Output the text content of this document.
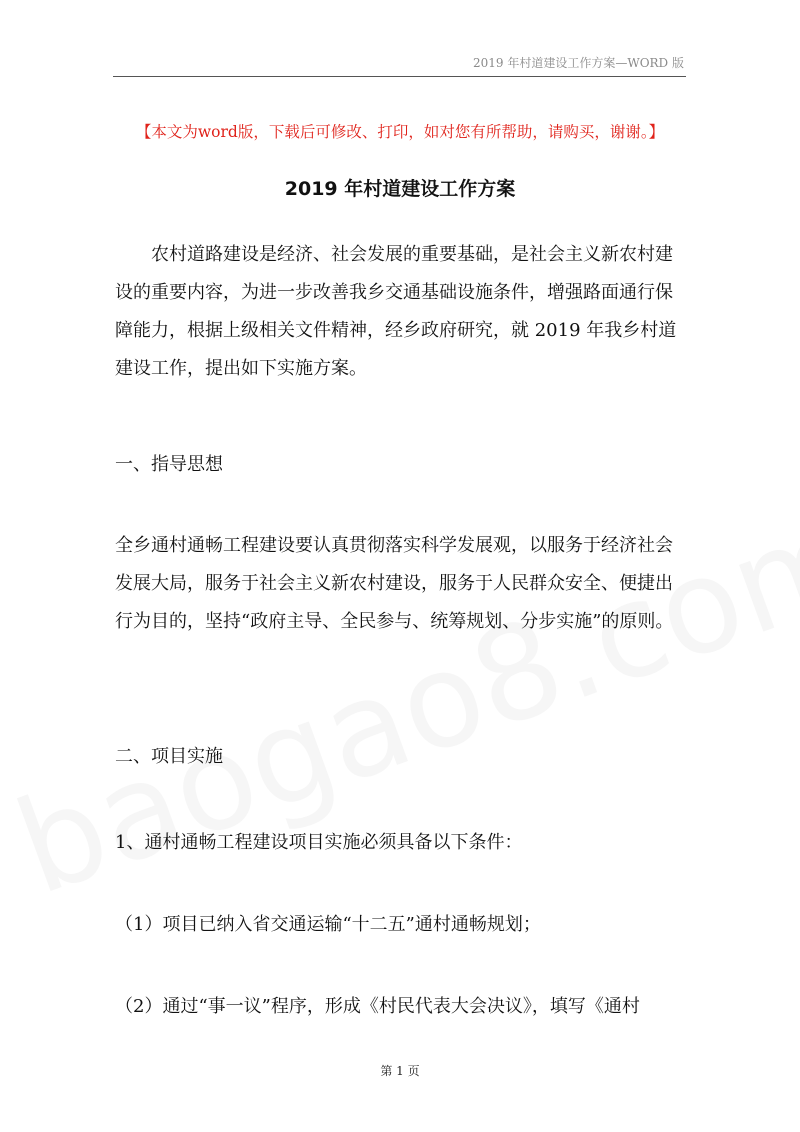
2019 年村道建设工作方案—WORD 版
【本文为word版，下载后可修改、打印，如对您有所帮助，请购买，谢谢。】
2019 年村道建设工作方案

农村道路建设是经济、社会发展的重要基础，是社会主义新农村建设的重要内容，为进一步改善我乡交通基础设施条件，增强路面通行保障能力，根据上级相关文件精神，经乡政府研究，就 2019 年我乡村道建设工作，提出如下实施方案。

一、指导思想

全乡通村通畅工程建设要认真贯彻落实科学发展观，以服务于经济社会发展大局，服务于社会主义新农村建设，服务于人民群众安全、便捷出行为目的，坚持“政府主导、全民参与、统筹规划、分步实施”的原则。

二、项目实施

1、通村通畅工程建设项目实施必须具备以下条件：

（1）项目已纳入省交通运输“十二五”通村通畅规划；

（2）通过“事一议”程序，形成《村民代表大会决议》，填写《通村

第 1 页
